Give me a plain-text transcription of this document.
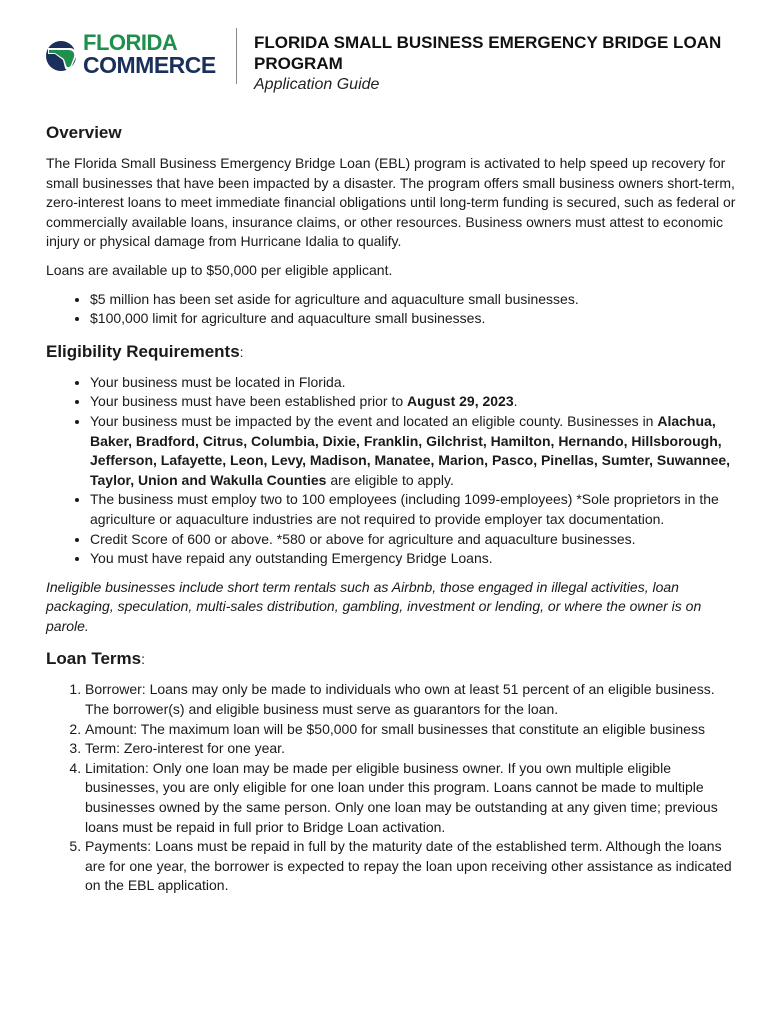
FLORIDA
COMMERCE
FLORIDA SMALL BUSINESS EMERGENCY BRIDGE LOAN PROGRAM
Application Guide
Overview

The Florida Small Business Emergency Bridge Loan (EBL) program is activated to help speed up recovery for small businesses that have been impacted by a disaster. The program offers small business owners short-term, zero-interest loans to meet immediate financial obligations until long-term funding is secured, such as federal or commercially available loans, insurance claims, or other resources. Business owners must attest to economic injury or physical damage from Hurricane Idalia to qualify.

Loans are available up to $50,000 per eligible applicant.

• $5 million has been set aside for agriculture and aquaculture small businesses.
• $100,000 limit for agriculture and aquaculture small businesses.
Eligibility Requirements:
• Your business must be located in Florida.
• Your business must have been established prior to August 29, 2023.
• Your business must be impacted by the event and located an eligible county. Businesses in Alachua, Baker, Bradford, Citrus, Columbia, Dixie, Franklin, Gilchrist, Hamilton, Hernando, Hillsborough, Jefferson, Lafayette, Leon, Levy, Madison, Manatee, Marion, Pasco, Pinellas, Sumter, Suwannee, Taylor, Union and Wakulla Counties are eligible to apply.
• The business must employ two to 100 employees (including 1099-employees) *Sole proprietors in the agriculture or aquaculture industries are not required to provide employer tax documentation.
• Credit Score of 600 or above. *580 or above for agriculture and aquaculture businesses.
• You must have repaid any outstanding Emergency Bridge Loans.

Ineligible businesses include short term rentals such as Airbnb, those engaged in illegal activities, loan packaging, speculation, multi-sales distribution, gambling, investment or lending, or where the owner is on parole.

Loan Terms:
1. Borrower: Loans may only be made to individuals who own at least 51 percent of an eligible business. The borrower(s) and eligible business must serve as guarantors for the loan.
2. Amount: The maximum loan will be $50,000 for small businesses that constitute an eligible business
3. Term: Zero-interest for one year.
4. Limitation: Only one loan may be made per eligible business owner. If you own multiple eligible businesses, you are only eligible for one loan under this program. Loans cannot be made to multiple businesses owned by the same person. Only one loan may be outstanding at any given time; previous loans must be repaid in full prior to Bridge Loan activation.
5. Payments: Loans must be repaid in full by the maturity date of the established term. Although the loans are for one year, the borrower is expected to repay the loan upon receiving other assistance as indicated on the EBL application.
